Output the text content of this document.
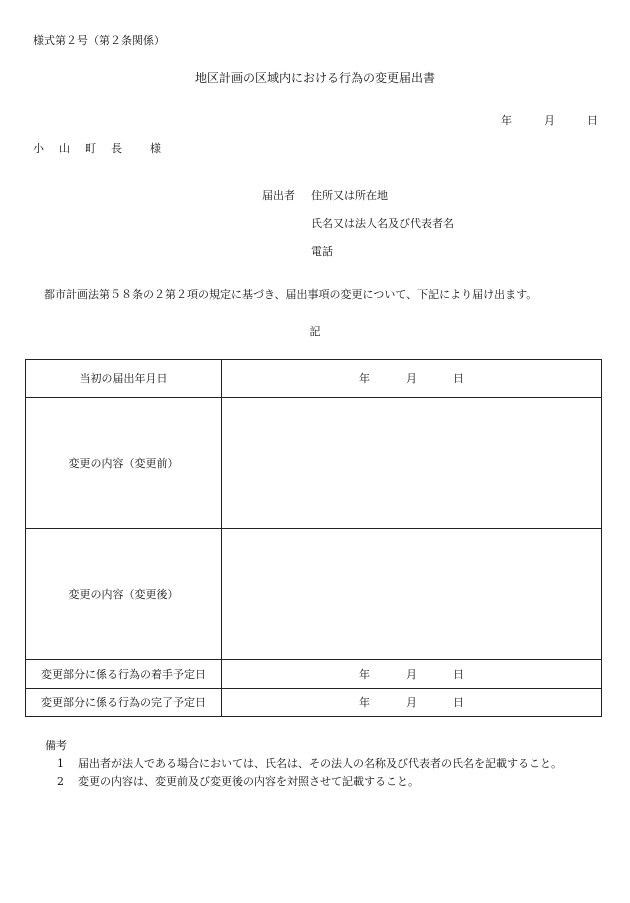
様式第２号（第２条関係）
地区計画の区域内における行為の変更届出書
年	月	日
小　山　町　長　　様
届出者 住所又は所在地
氏名又は法人名及び代表者名
電話
都市計画法第５８条の２第２項の規定に基づき、届出事項の変更について、下記により届け出ます。
記
当初の届出年月日	年 月 日
変更の内容（変更前）	
変更の内容（変更後）	
変更部分に係る行為の着手予定日	年 月 日
変更部分に係る行為の完了予定日	年 月 日
備考
1 届出者が法人である場合においては、氏名は、その法人の名称及び代表者の氏名を記載すること。
2 変更の内容は、変更前及び変更後の内容を対照させて記載すること。
